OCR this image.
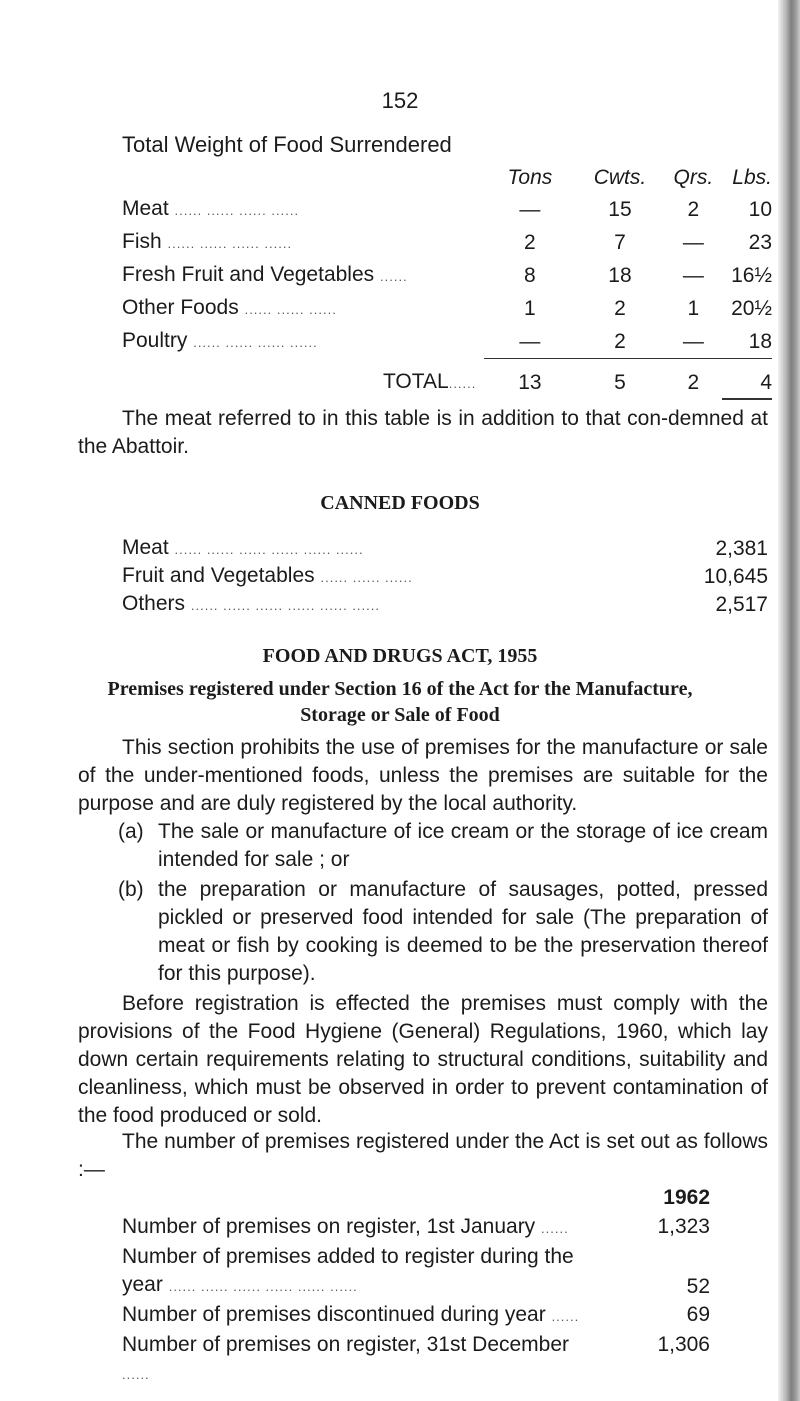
152
Total Weight of Food Surrendered
	Tons	Cwts.	Qrs.	Lbs.
Meat ...... ...... ...... ......	—	15	2	10
Fish ...... ...... ...... ......	2	7	—	23
Fresh Fruit and Vegetables ......	8	18	—	16½
Other Foods ...... ...... ......	1	2	1	20½
Poultry ...... ...... ...... ......	—	2	—	18
TOTAL......	13	5	2	4

The meat referred to in this table is in addition to that con-demned at the Abattoir.

CANNED FOODS
Meat ...... ...... ...... ...... ...... ......	2,381
Fruit and Vegetables ...... ...... ......	10,645
Others ...... ...... ...... ...... ...... ......	2,517
FOOD AND DRUGS ACT, 1955
Premises registered under Section 16 of the Act for the Manufacture,
Storage or Sale of Food

This section prohibits the use of premises for the manufacture or sale of the under-mentioned foods, unless the premises are suitable for the purpose and are duly registered by the local authority.

(a) The sale or manufacture of ice cream or the storage of ice cream intended for sale ; or
(b) the preparation or manufacture of sausages, potted, pressed pickled or preserved food intended for sale (The preparation of meat or fish by cooking is deemed to be the preservation thereof for this purpose).

Before registration is effected the premises must comply with the provisions of the Food Hygiene (General) Regulations, 1960, which lay down certain requirements relating to structural conditions, suitability and cleanliness, which must be observed in order to prevent contamination of the food produced or sold.

The number of premises registered under the Act is set out as follows :—

	1962
Number of premises on register, 1st January ......	1,323
Number of premises added to register during the year ...... ...... ...... ...... ...... ......	52
Number of premises discontinued during year ......	69
Number of premises on register, 31st December ......	1,306
